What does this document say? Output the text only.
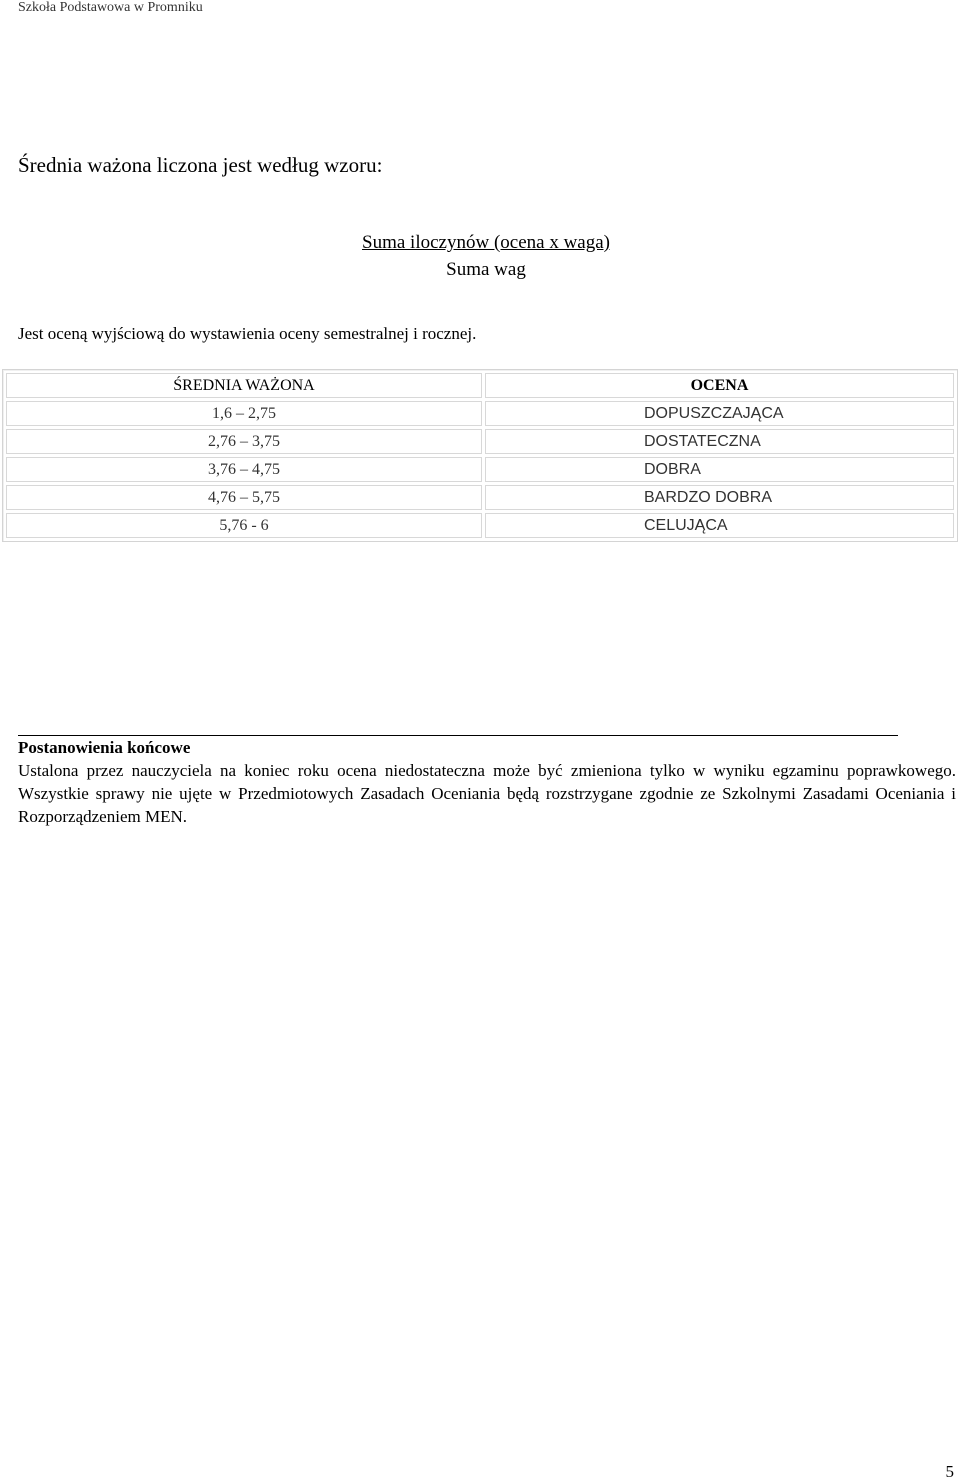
Szkoła Podstawowa w Promniku
Średnia ważona liczona jest według wzoru:
Suma iloczynów (ocena x waga)
Suma wag
Jest oceną wyjściową do wystawienia oceny semestralnej i rocznej.
ŚREDNIA WAŻONA	OCENA
1,6 – 2,75	DOPUSZCZAJĄCA
2,76 – 3,75	DOSTATECZNA
3,76 – 4,75	DOBRA
4,76 – 5,75	BARDZO DOBRA
5,76 - 6	CELUJĄCA
Postanowienia końcowe
Ustalona przez nauczyciela na koniec roku ocena niedostateczna może być zmieniona tylko w wyniku egzaminu poprawkowego. Wszystkie sprawy nie ujęte w Przedmiotowych Zasadach Oceniania będą rozstrzygane zgodnie ze Szkolnymi Zasadami Oceniania i Rozporządzeniem MEN.
5
